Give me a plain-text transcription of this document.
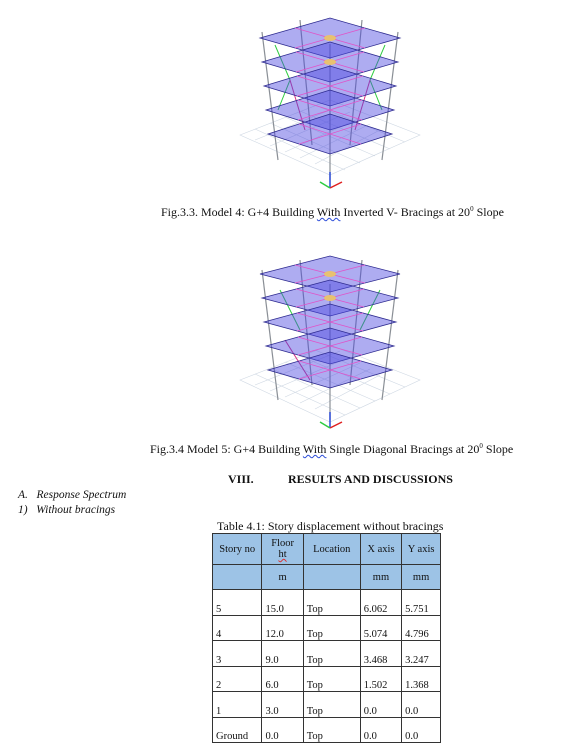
Fig.3.3. Model 4: G+4 Building With Inverted V- Bracings at $20^0$ Slope
Fig.3.4 Model 5: G+4 Building With Single Diagonal Bracings at $20^0$ Slope
VIII.	RESULTS AND DISCUSSIONS
A.   Response Spectrum
1)   Without bracings
Table 4.1: Story displacement without bracings
Story no	Floor
ht	Location	X axis	Y axis
	m		mm	mm
5	15.0	Top	6.062	5.751
4	12.0	Top	5.074	4.796
3	9.0	Top	3.468	3.247
2	6.0	Top	1.502	1.368
1	3.0	Top	0.0	0.0
Ground	0.0	Top	0.0	0.0
